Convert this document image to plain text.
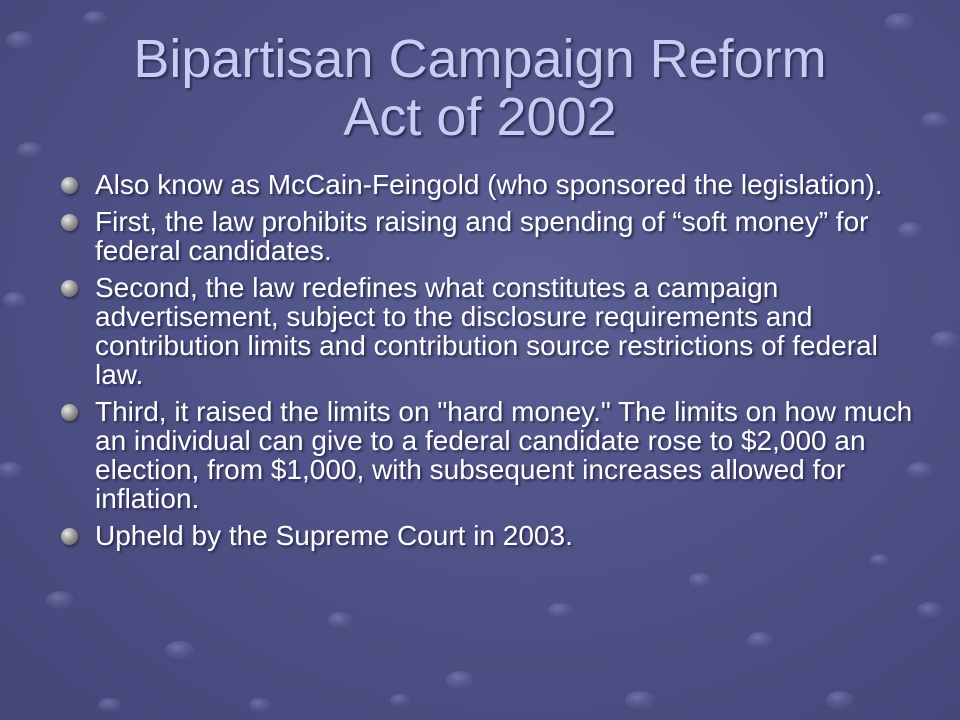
Bipartisan Campaign Reform
Act of 2002
Also know as McCain-Feingold (who sponsored the legislation).
First, the law prohibits raising and spending of “soft money” for federal candidates.
Second, the law redefines what constitutes a campaign advertisement, subject to the disclosure requirements and contribution limits and contribution source restrictions of federal law.
Third, it raised the limits on "hard money." The limits on how much an individual can give to a federal candidate rose to $2,000 an election, from $1,000, with subsequent increases allowed for inflation.
Upheld by the Supreme Court in 2003.
